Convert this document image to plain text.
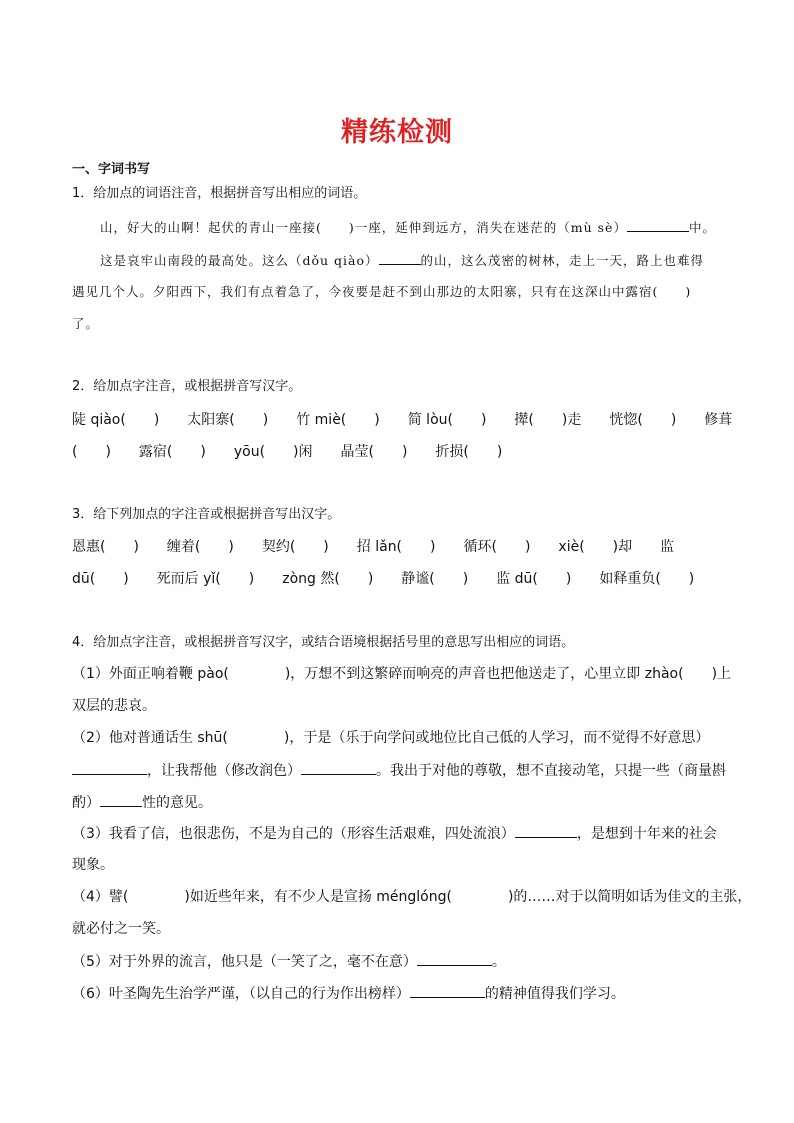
精练检测
一、字词书写
1．给加点的词语注音，根据拼音写出相应的词语。
山，好大的山啊！起伏的青山一座接(　　)一座，延伸到远方，消失在迷茫的（mù sè）	中。
这是哀牢山南段的最高处。这么（dǒu qiào）	的山，这么茂密的树林，走上一天，路上也难得
遇见几个人。夕阳西下，我们有点着急了，今夜要是赶不到山那边的太阳寨，只有在这深山中露宿(　　)
了。
2．给加点字注音，或根据拼音写汉字。
陡 qiào(　　)　　太阳寨(　　)　　竹 miè(　　)　　简 lòu(　　)　　撵(　　)走　　恍惚(　　)　　修葺
(　　)　　露宿(　　)　　yōu(　　)闲　　晶莹(　　)　　折损(　　)
3．给下列加点的字注音或根据拼音写出汉字。
恩惠(　　)　　缠着(　　)　　契约(　　)　　招 lǎn(　　)　　循环(　　)　　xiè(　　)却　　监
dū(　　)　　死而后 yǐ(　　)　　zòng 然(　　)　　静谧(　　)　　监 dū(　　)　　如释重负(　　)
4．给加点字注音，或根据拼音写汉字，或结合语境根据括号里的意思写出相应的词语。
（1）外面正响着鞭 pào(　　　　)，万想不到这繁碎而响亮的声音也把他送走了，心里立即 zhào(　　)上
双层的悲哀。
（2）他对普通话生 shū(　　　　)，于是（乐于向学问或地位比自己低的人学习，而不觉得不好意思）
，让我帮他（修改润色）	。我出于对他的尊敬，想不直接动笔，只提一些（商量斟
酌）	性的意见。
（3）我看了信，也很悲伤，不是为自己的（形容生活艰难，四处流浪）	，是想到十年来的社会
现象。
（4）譬(　　　　)如近些年来，有不少人是宣扬 ménglóng(　　　　)的……对于以简明如话为佳文的主张，
就必付之一笑。
（5）对于外界的流言，他只是（一笑了之，毫不在意）	。
（6）叶圣陶先生治学严谨，（以自己的行为作出榜样）	的精神值得我们学习。
